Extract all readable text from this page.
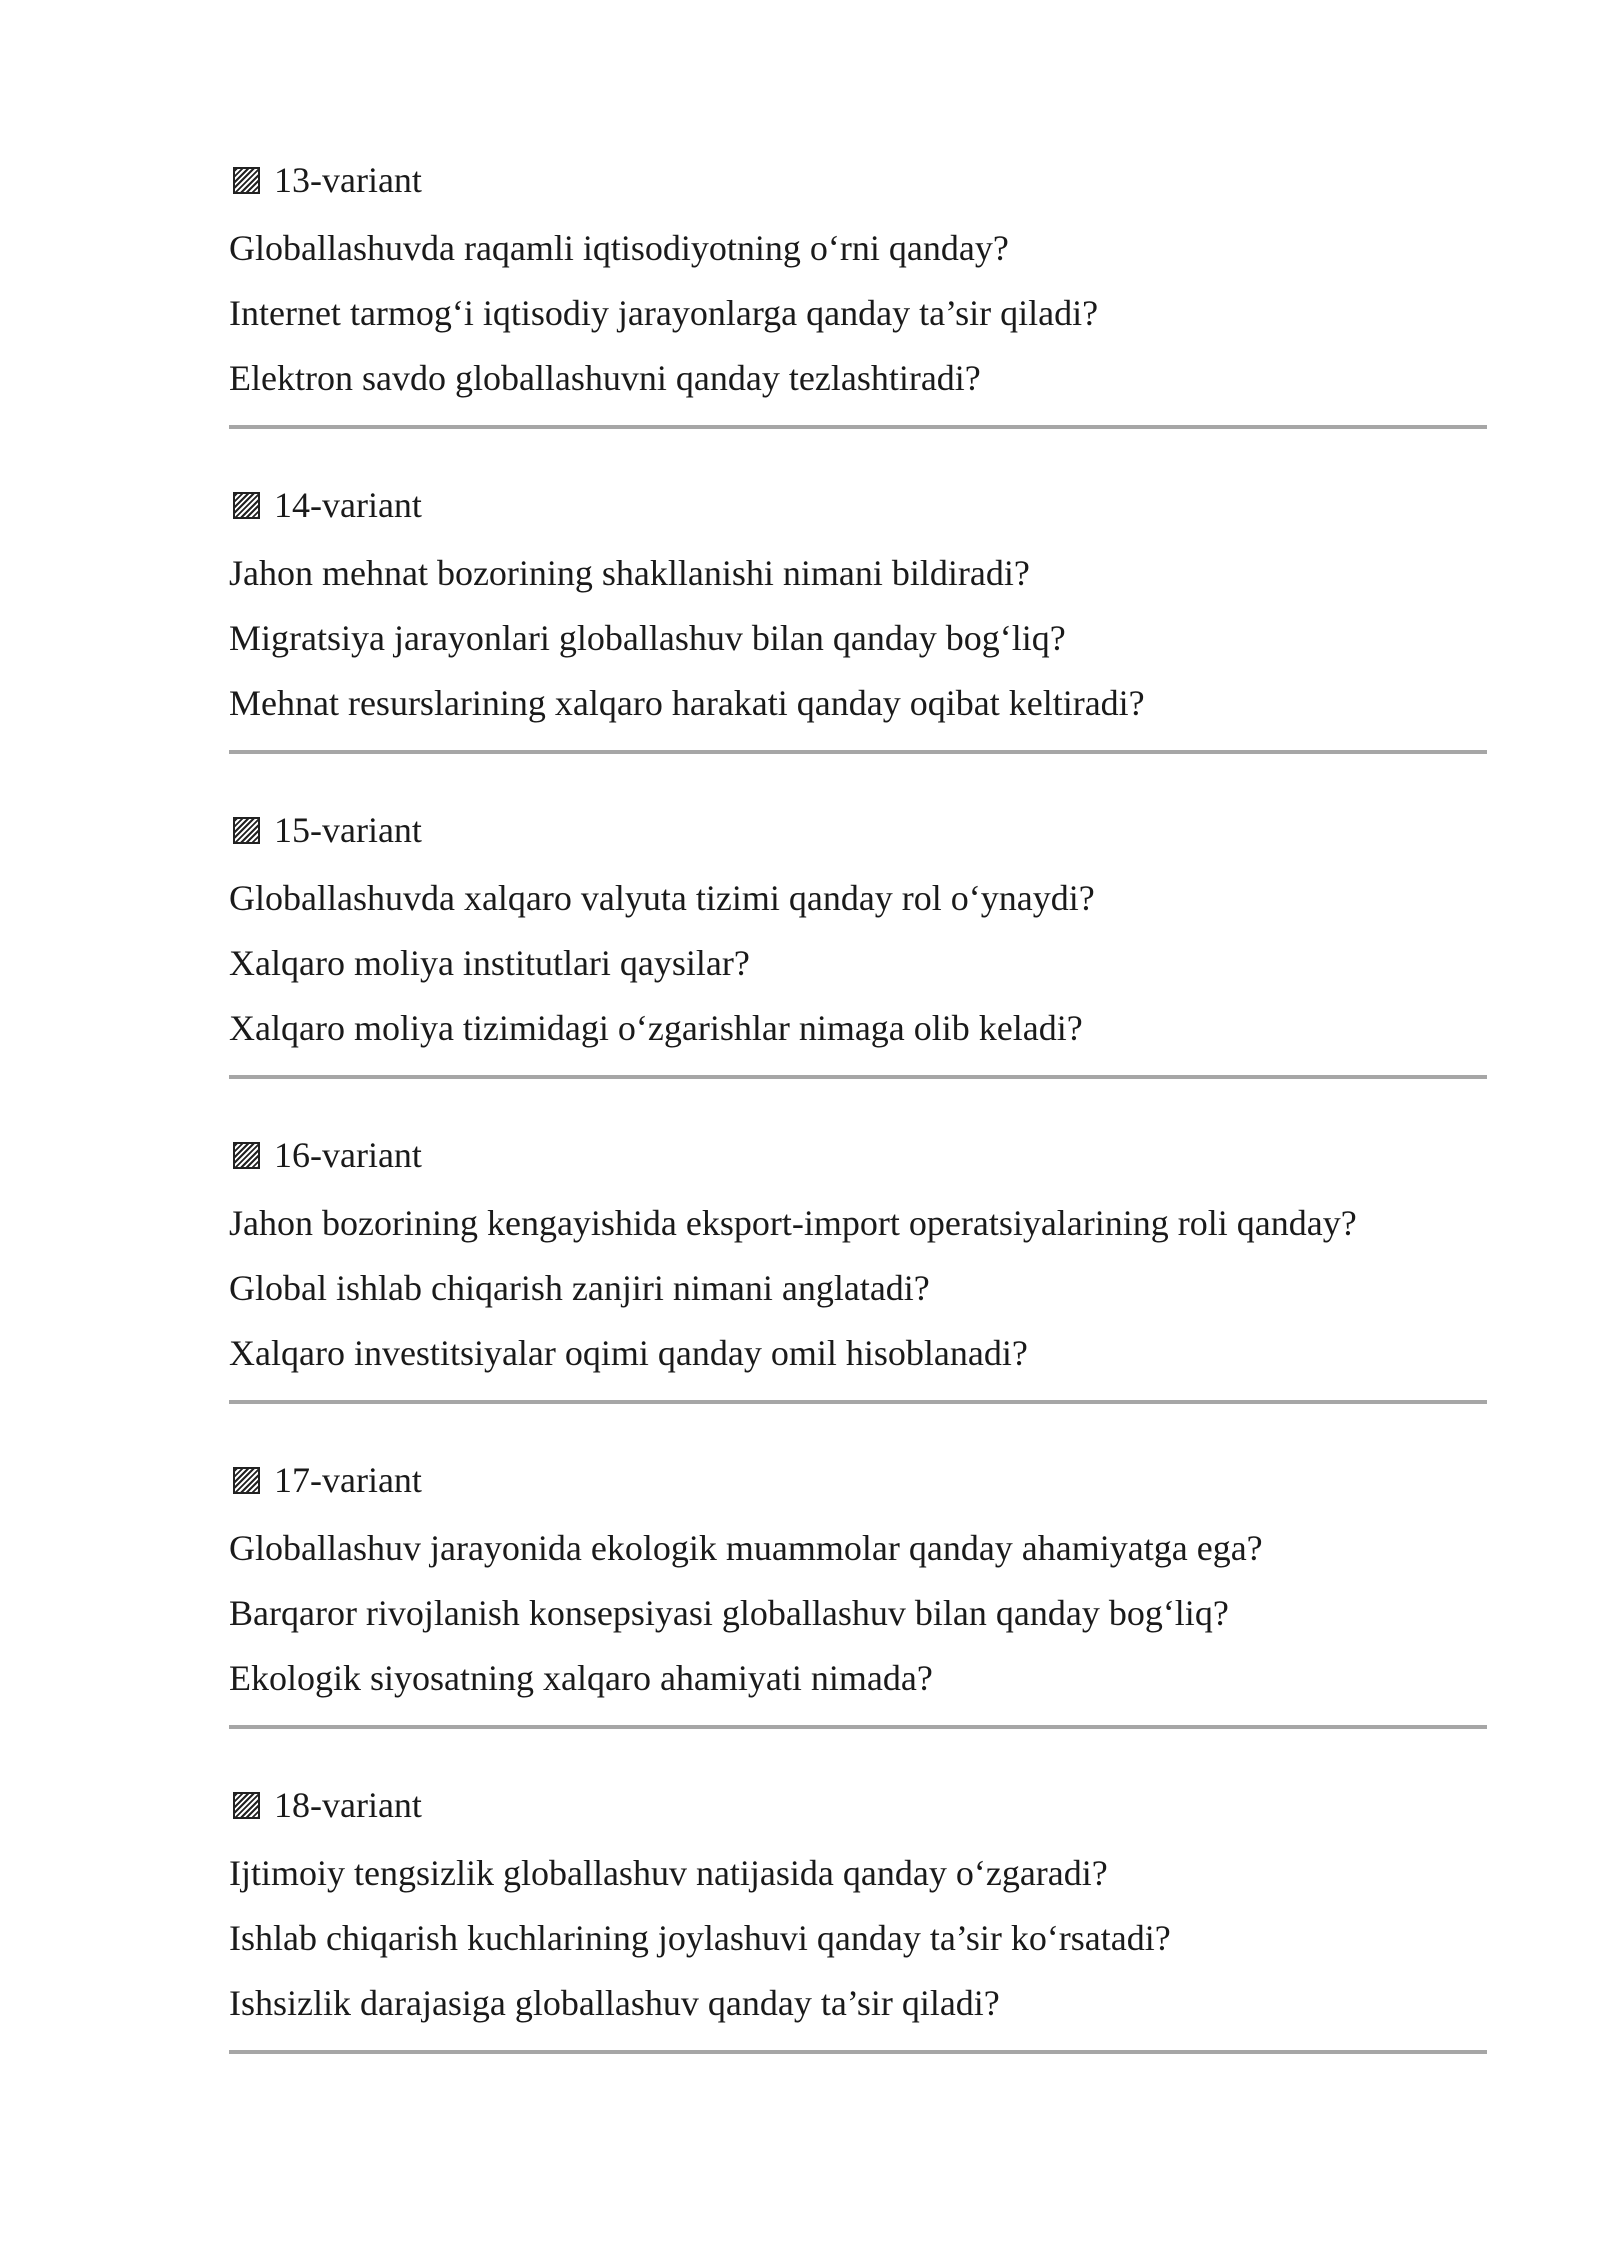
13-variant
Globallashuvda raqamli iqtisodiyotning o‘rni qanday?
Internet tarmog‘i iqtisodiy jarayonlarga qanday ta’sir qiladi?
Elektron savdo globallashuvni qanday tezlashtiradi?
14-variant
Jahon mehnat bozorining shakllanishi nimani bildiradi?
Migratsiya jarayonlari globallashuv bilan qanday bog‘liq?
Mehnat resurslarining xalqaro harakati qanday oqibat keltiradi?
15-variant
Globallashuvda xalqaro valyuta tizimi qanday rol o‘ynaydi?
Xalqaro moliya institutlari qaysilar?
Xalqaro moliya tizimidagi o‘zgarishlar nimaga olib keladi?
16-variant
Jahon bozorining kengayishida eksport-import operatsiyalarining roli qanday?
Global ishlab chiqarish zanjiri nimani anglatadi?
Xalqaro investitsiyalar oqimi qanday omil hisoblanadi?
17-variant
Globallashuv jarayonida ekologik muammolar qanday ahamiyatga ega?
Barqaror rivojlanish konsepsiyasi globallashuv bilan qanday bog‘liq?
Ekologik siyosatning xalqaro ahamiyati nimada?
18-variant
Ijtimoiy tengsizlik globallashuv natijasida qanday o‘zgaradi?
Ishlab chiqarish kuchlarining joylashuvi qanday ta’sir ko‘rsatadi?
Ishsizlik darajasiga globallashuv qanday ta’sir qiladi?
